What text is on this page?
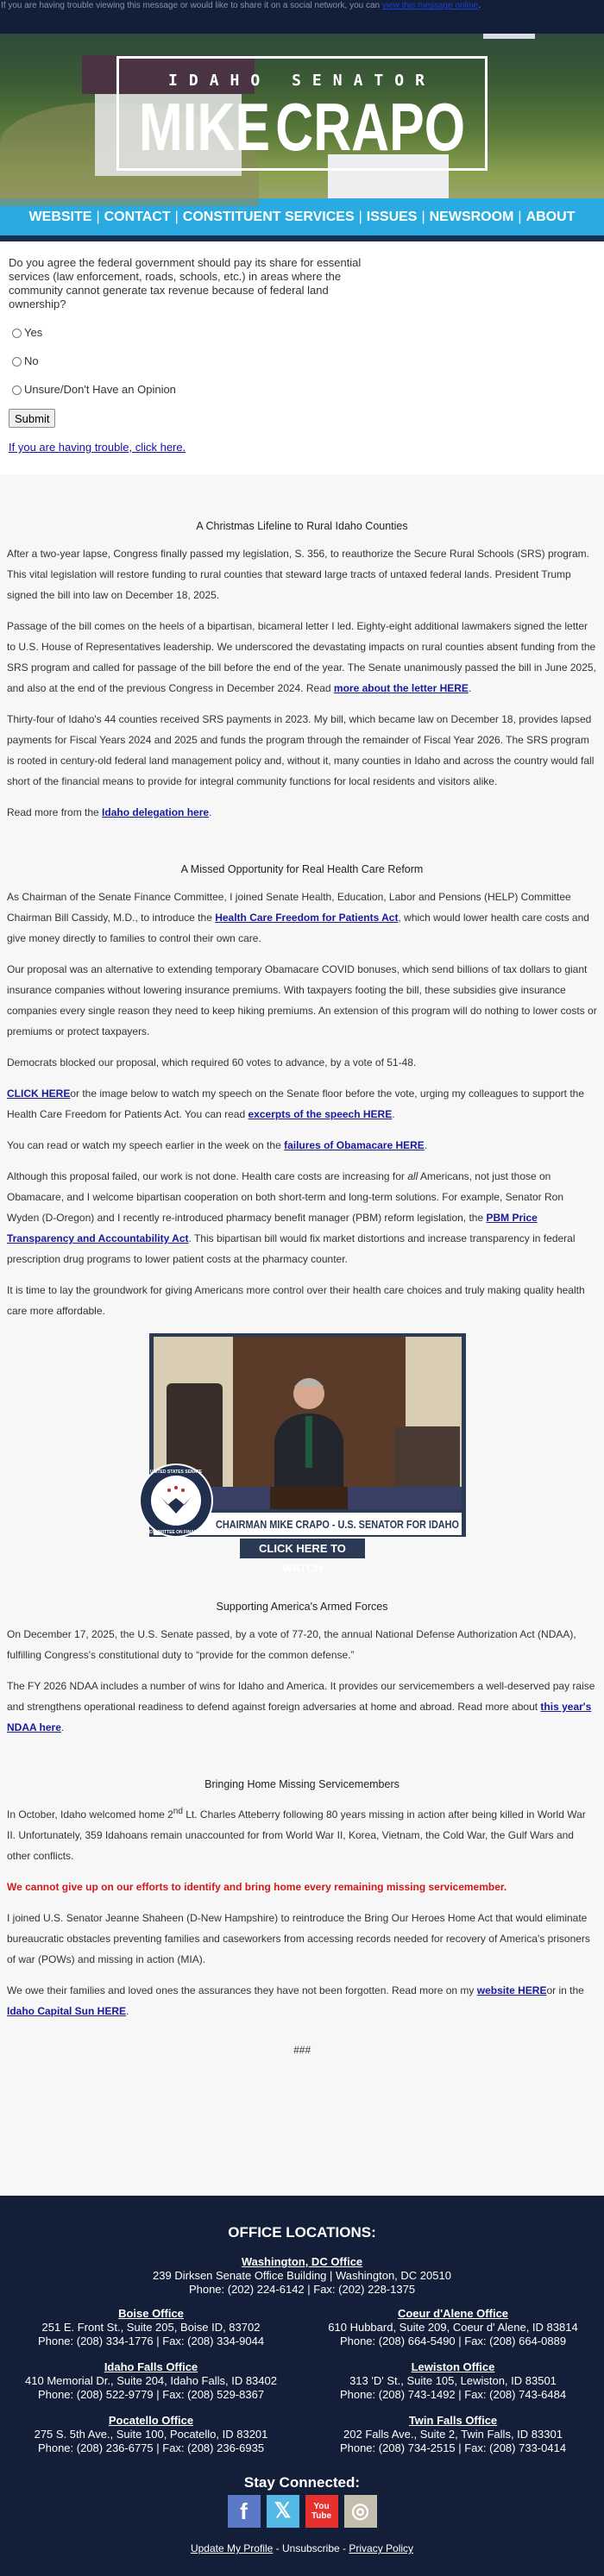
If you are having trouble viewing this message or would like to share it on a social network, you can view this message online.
IDAHO SENATOR
MIKE CRAPO
WEBSITE | CONTACT | CONSTITUENT SERVICES | ISSUES | NEWSROOM | ABOUT
Do you agree the federal government should pay its share for essential services (law enforcement, roads, schools, etc.) in areas where the community cannot generate tax revenue because of federal land ownership?
Yes
No
Unsure/Don't Have an Opinion
Submit
If you are having trouble, click here.
A Christmas Lifeline to Rural Idaho Counties

After a two-year lapse, Congress finally passed my legislation, S. 356, to reauthorize the Secure Rural Schools (SRS) program. This vital legislation will restore funding to rural counties that steward large tracts of untaxed federal lands. President Trump signed the bill into law on December 18, 2025.

Passage of the bill comes on the heels of a bipartisan, bicameral letter I led. Eighty-eight additional lawmakers signed the letter to U.S. House of Representatives leadership. We underscored the devastating impacts on rural counties absent funding from the SRS program and called for passage of the bill before the end of the year. The Senate unanimously passed the bill in June 2025, and also at the end of the previous Congress in December 2024. Read more about the letter HERE.

Thirty-four of Idaho's 44 counties received SRS payments in 2023. My bill, which became law on December 18, provides lapsed payments for Fiscal Years 2024 and 2025 and funds the program through the remainder of Fiscal Year 2026. The SRS program is rooted in century-old federal land management policy and, without it, many counties in Idaho and across the country would fall short of the financial means to provide for integral community functions for local residents and visitors alike.

Read more from the Idaho delegation here.

A Missed Opportunity for Real Health Care Reform

As Chairman of the Senate Finance Committee, I joined Senate Health, Education, Labor and Pensions (HELP) Committee Chairman Bill Cassidy, M.D., to introduce the Health Care Freedom for Patients Act, which would lower health care costs and give money directly to families to control their own care.

Our proposal was an alternative to extending temporary Obamacare COVID bonuses, which send billions of tax dollars to giant insurance companies without lowering insurance premiums. With taxpayers footing the bill, these subsidies give insurance companies every single reason they need to keep hiking premiums. An extension of this program will do nothing to lower costs or premiums or protect taxpayers.

Democrats blocked our proposal, which required 60 votes to advance, by a vote of 51-48.

CLICK HEREor the image below to watch my speech on the Senate floor before the vote, urging my colleagues to support the Health Care Freedom for Patients Act. You can read excerpts of the speech HERE.

You can read or watch my speech earlier in the week on the failures of Obamacare HERE.

Although this proposal failed, our work is not done. Health care costs are increasing for all Americans, not just those on Obamacare, and I welcome bipartisan cooperation on both short-term and long-term solutions. For example, Senator Ron Wyden (D-Oregon) and I recently re-introduced pharmacy benefit manager (PBM) reform legislation, the PBM Price Transparency and Accountability Act. This bipartisan bill would fix market distortions and increase transparency in federal prescription drug programs to lower patient costs at the pharmacy counter.

It is time to lay the groundwork for giving Americans more control over their health care choices and truly making quality health care more affordable.

UNITED STATES SENATE
COMMITTEE ON FINANCE
CHAIRMAN MIKE CRAPO - U.S. SENATOR FOR IDAHO
CLICK HERE TO WATCH
Supporting America's Armed Forces

On December 17, 2025, the U.S. Senate passed, by a vote of 77-20, the annual National Defense Authorization Act (NDAA), fulfilling Congress's constitutional duty to “provide for the common defense.”

The FY 2026 NDAA includes a number of wins for Idaho and America. It provides our servicemembers a well-deserved pay raise and strengthens operational readiness to defend against foreign adversaries at home and abroad. Read more about this year's NDAA here.

Bringing Home Missing Servicemembers

In October, Idaho welcomed home 2nd Lt. Charles Atteberry following 80 years missing in action after being killed in World War II. Unfortunately, 359 Idahoans remain unaccounted for from World War II, Korea, Vietnam, the Cold War, the Gulf Wars and other conflicts.

We cannot give up on our efforts to identify and bring home every remaining missing servicemember.

I joined U.S. Senator Jeanne Shaheen (D-New Hampshire) to reintroduce the Bring Our Heroes Home Act that would eliminate bureaucratic obstacles preventing families and caseworkers from accessing records needed for recovery of America's prisoners of war (POWs) and missing in action (MIA).

We owe their families and loved ones the assurances they have not been forgotten. Read more on my website HEREor in the Idaho Capital Sun HERE.

###
OFFICE LOCATIONS:
Washington, DC Office
239 Dirksen Senate Office Building | Washington, DC 20510
Phone: (202) 224-6142 | Fax: (202) 228-1375
Boise Office
251 E. Front St., Suite 205, Boise ID, 83702
Phone: (208) 334-1776 | Fax: (208) 334-9044
Coeur d'Alene Office
610 Hubbard, Suite 209, Coeur d' Alene, ID 83814
Phone: (208) 664-5490 | Fax: (208) 664-0889
Idaho Falls Office
410 Memorial Dr., Suite 204, Idaho Falls, ID 83402
Phone: (208) 522-9779 | Fax: (208) 529-8367
Lewiston Office
313 'D' St., Suite 105, Lewiston, ID 83501
Phone: (208) 743-1492 | Fax: (208) 743-6484
Pocatello Office
275 S. 5th Ave., Suite 100, Pocatello, ID 83201
Phone: (208) 236-6775 | Fax: (208) 236-6935
Twin Falls Office
202 Falls Ave., Suite 2, Twin Falls, ID 83301
Phone: (208) 734-2515 | Fax: (208) 733-0414
Stay Connected:
f	𝕏	You Tube ◎
Update My Profile - Unsubscribe - Privacy Policy
